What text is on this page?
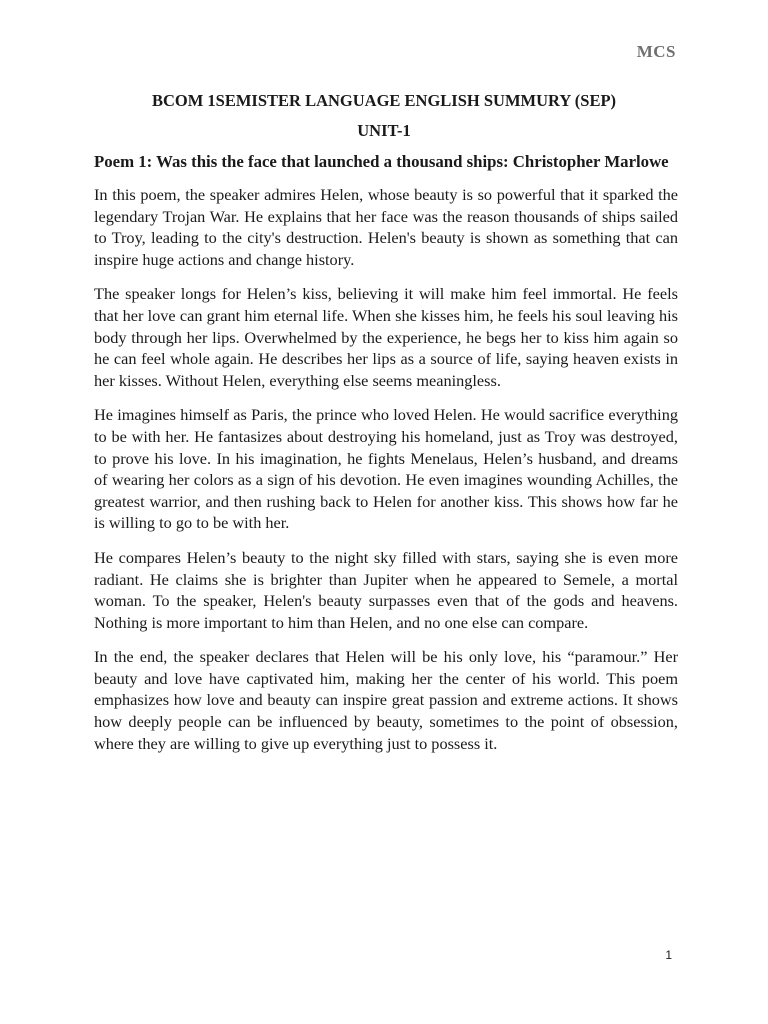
MCS
BCOM 1SEMISTER LANGUAGE ENGLISH SUMMURY (SEP)
UNIT-1
Poem 1: Was this the face that launched a thousand ships: Christopher Marlowe

In this poem, the speaker admires Helen, whose beauty is so powerful that it sparked the legendary Trojan War. He explains that her face was the reason thousands of ships sailed to Troy, leading to the city's destruction. Helen's beauty is shown as something that can inspire huge actions and change history.

The speaker longs for Helen’s kiss, believing it will make him feel immortal. He feels that her love can grant him eternal life. When she kisses him, he feels his soul leaving his body through her lips. Overwhelmed by the experience, he begs her to kiss him again so he can feel whole again. He describes her lips as a source of life, saying heaven exists in her kisses. Without Helen, everything else seems meaningless.

He imagines himself as Paris, the prince who loved Helen. He would sacrifice everything to be with her. He fantasizes about destroying his homeland, just as Troy was destroyed, to prove his love. In his imagination, he fights Menelaus, Helen’s husband, and dreams of wearing her colors as a sign of his devotion. He even imagines wounding Achilles, the greatest warrior, and then rushing back to Helen for another kiss. This shows how far he is willing to go to be with her.

He compares Helen’s beauty to the night sky filled with stars, saying she is even more radiant. He claims she is brighter than Jupiter when he appeared to Semele, a mortal woman. To the speaker, Helen's beauty surpasses even that of the gods and heavens. Nothing is more important to him than Helen, and no one else can compare.

In the end, the speaker declares that Helen will be his only love, his “paramour.” Her beauty and love have captivated him, making her the center of his world. This poem emphasizes how love and beauty can inspire great passion and extreme actions. It shows how deeply people can be influenced by beauty, sometimes to the point of obsession, where they are willing to give up everything just to possess it.

1
